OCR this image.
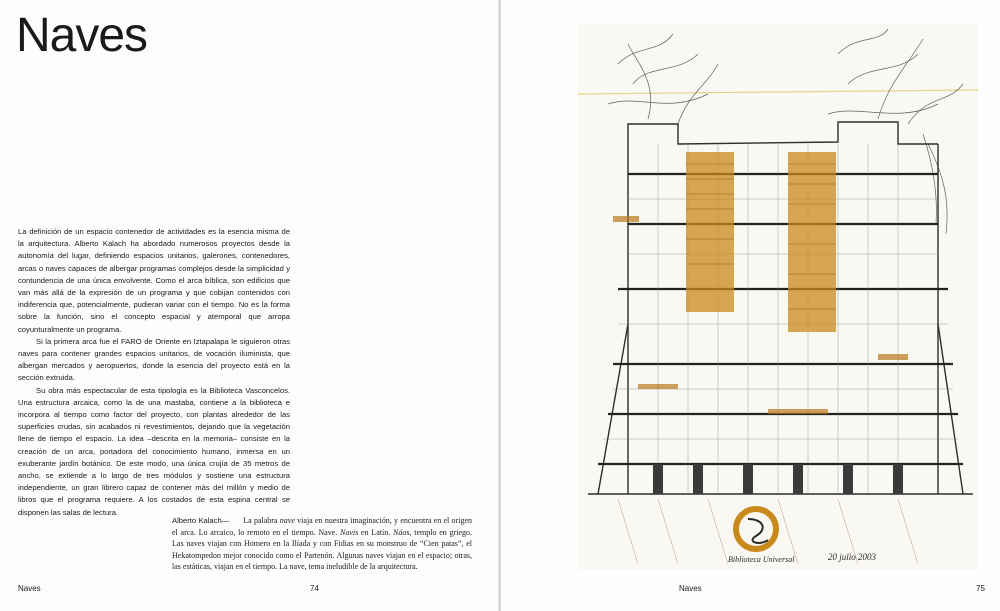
Naves

La definición de un espacio contenedor de actividades es la esencia misma de la arquitectura. Alberto Kalach ha abordado numerosos proyectos desde la autonomía del lugar, definiendo espacios unitarios, galerones, contenedores, arcas o naves capaces de albergar programas complejos desde la simplicidad y contundencia de una única envolvente. Como el arca bíblica, son edificios que van más allá de la expresión de un programa y que cobijan contenidos con indiferencia que, potencialmente, pudieran variar con el tiempo. No es la forma sobre la función, sino el concepto espacial y atemporal que arropa coyunturalmente un programa.

Si la primera arca fue el FARO de Oriente en Iztapalapa le siguieron otras naves para contener grandes espacios unitarios, de vocación iluminista, que albergan mercados y aeropuertos, donde la esencia del proyecto está en la sección extruida.

Su obra más espectacular de esta tipología es la Biblioteca Vasconcelos. Una estructura arcaica, como la de una mastaba, contiene a la biblioteca e incorpora al tiempo como factor del proyecto, con plantas alrededor de las superficies crudas, sin acabados ni revestimientos, dejando que la vegetación llene de tiempo el espacio. La idea –descrita en la memoria– consiste en la creación de un arca, portadora del conocimiento humano, inmersa en un exuberante jardín botánico. De este modo, una única crujía de 35 metros de ancho, se extiende a lo largo de tres módulos y sostiene una estructura independiente, un gran librero capaz de contener más del millón y medio de libros que el programa requiere. A los costados de esta espina central se disponen las salas de lectura.

Alberto Kalach— La palabra nave viaja en nuestra imaginación, y encuentra en el origen el arca. Lo arcaico, lo remoto en el tiempo. Nave. Navis en Latín. Náos, templo en griego. Las naves viajan con Homero en la Ilíada y con Fidias en su monstruo de “Cien patas”, el Hekatompedon mejor conocido como el Partenón. Algunas naves viajan en el espacio; otras, las estáticas, viajan en el tiempo. La nave, tema ineludible de la arquitectura.
Naves	74	Naves	75
Biblioteca Universal	20 julio 2003
